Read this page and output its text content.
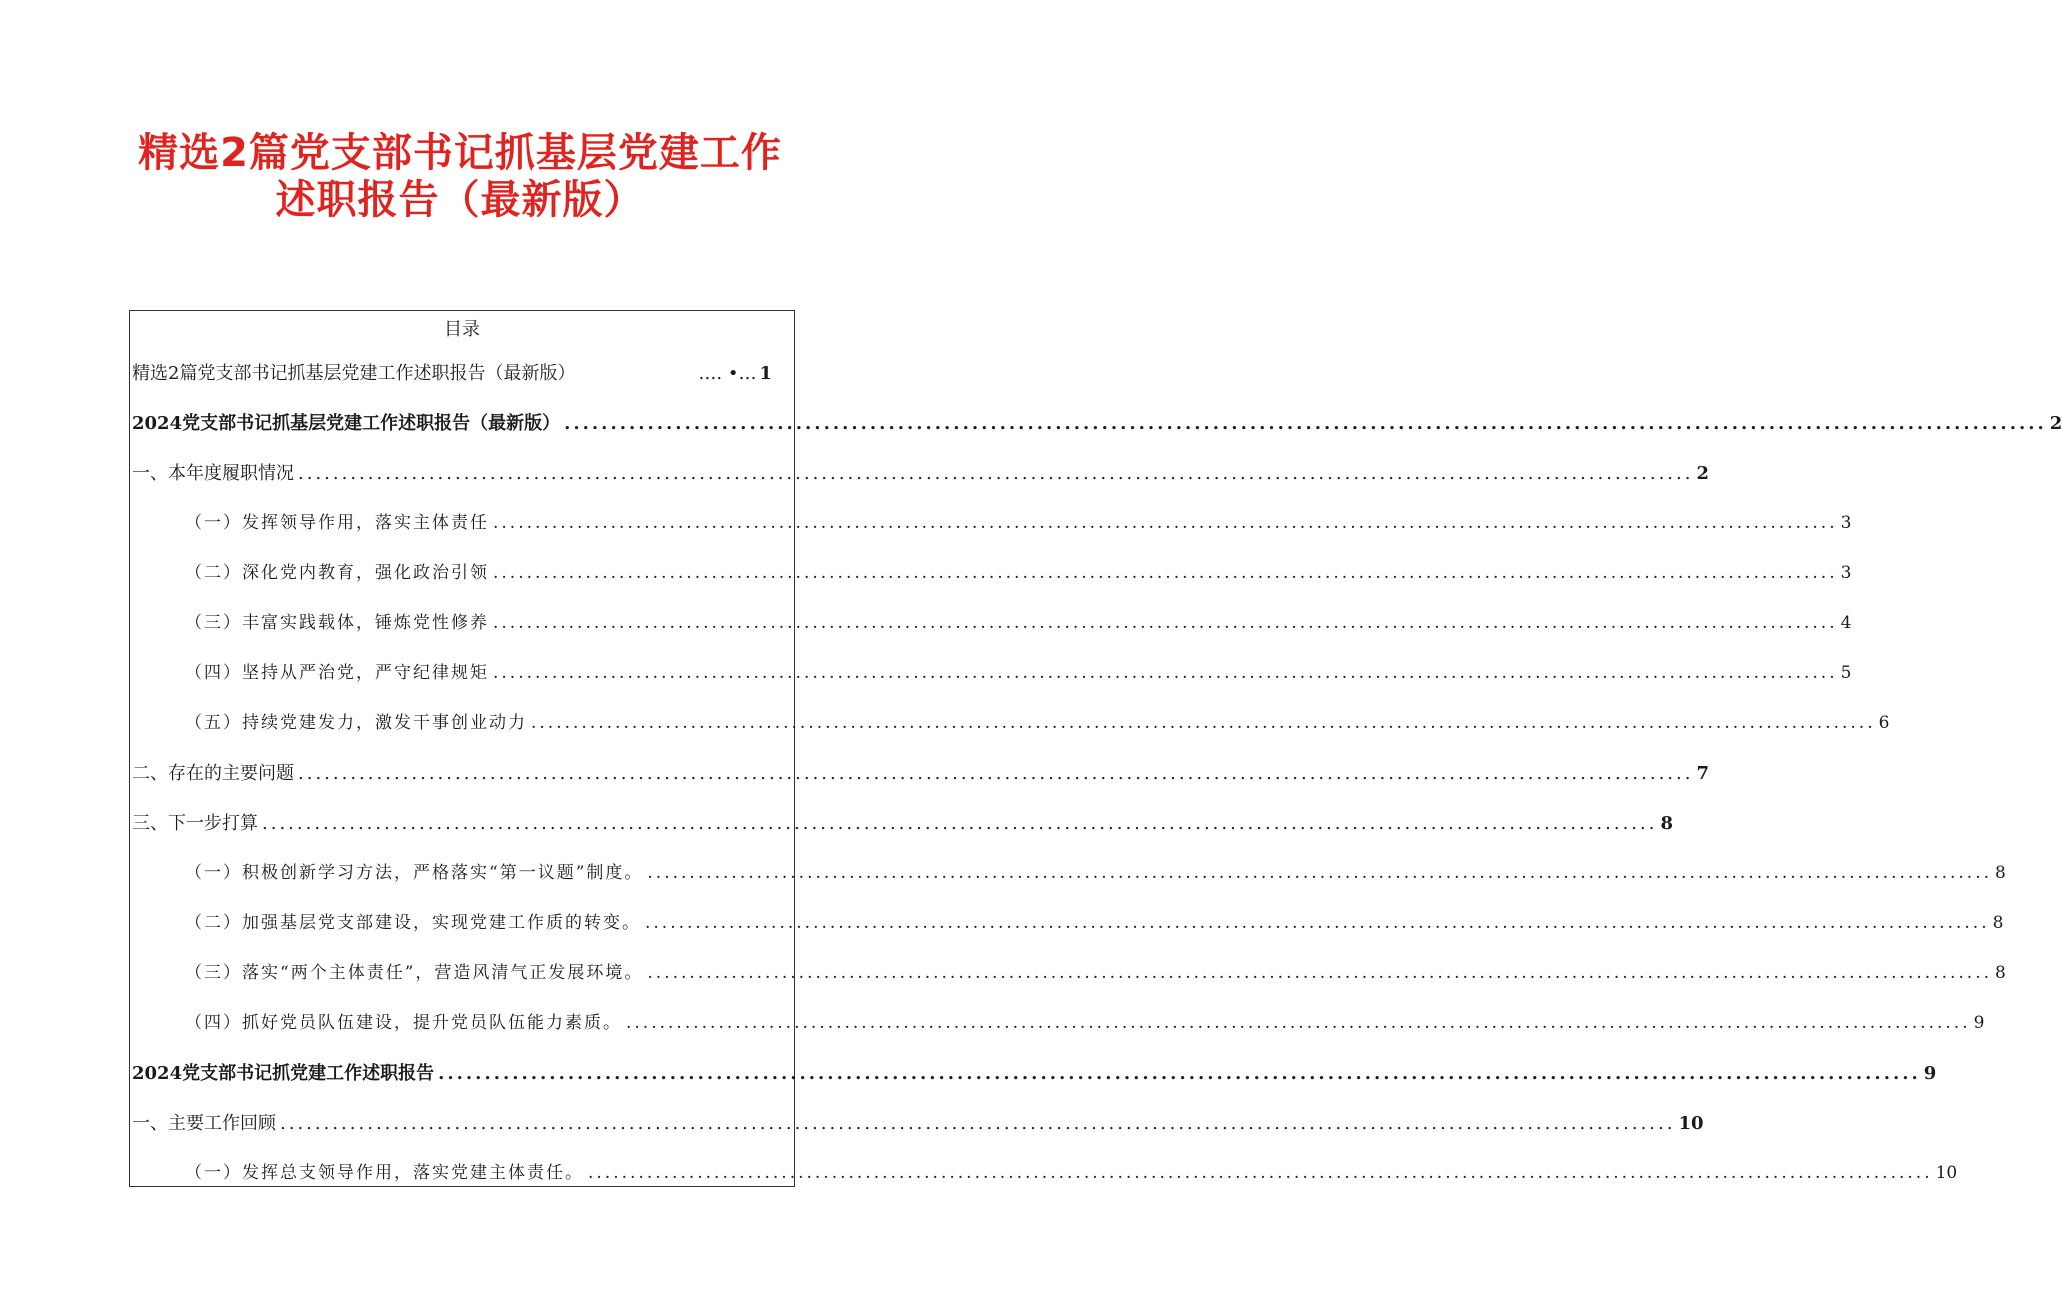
精选2篇党支部书记抓基层党建工作
述职报告（最新版）
目录
精选2篇党支部书记抓基层党建工作述职报告（最新版）	…. •… 1
2024党支部书记抓基层党建工作述职报告（最新版） ................................................................................................................................................................ 2
一、本年度履职情况 ................................................................................................................................................................ 2
（一）发挥领导作用，落实主体责任 ................................................................................................................................................................ 3
（二）深化党内教育，强化政治引领 ................................................................................................................................................................ 3
（三）丰富实践载体，锤炼党性修养 ................................................................................................................................................................ 4
（四）坚持从严治党，严守纪律规矩 ................................................................................................................................................................ 5
（五）持续党建发力，激发干事创业动力 ................................................................................................................................................................ 6
二、存在的主要问题 ................................................................................................................................................................ 7
三、下一步打算 ................................................................................................................................................................ 8
（一）积极创新学习方法，严格落实“第一议题”制度。 ................................................................................................................................................................ 8
（二）加强基层党支部建设，实现党建工作质的转变。 ................................................................................................................................................................ 8
（三）落实“两个主体责任”，营造风清气正发展环境。 ................................................................................................................................................................ 8
（四）抓好党员队伍建设，提升党员队伍能力素质。 ................................................................................................................................................................ 9
2024党支部书记抓党建工作述职报告 ................................................................................................................................................................ 9
一、主要工作回顾 ................................................................................................................................................................ 10
（一）发挥总支领导作用，落实党建主体责任。 ................................................................................................................................................................ 10
